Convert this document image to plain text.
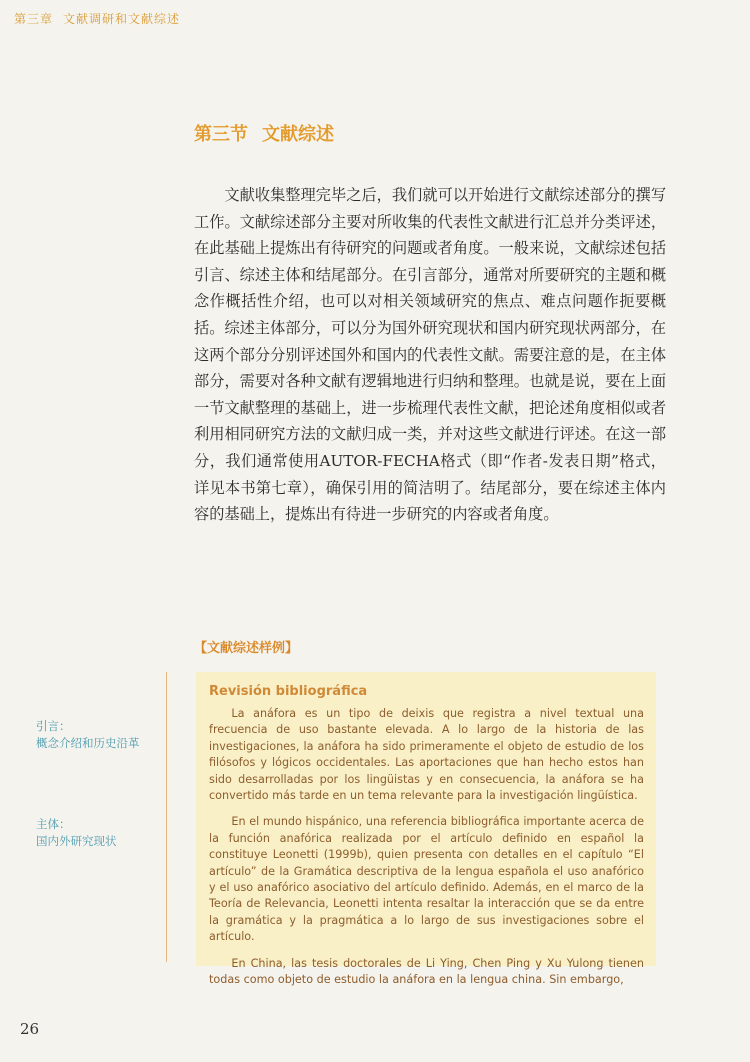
第三章 文献调研和文献综述
第三节 文献综述

文献收集整理完毕之后，我们就可以开始进行文献综述部分的撰写工作。文献综述部分主要对所收集的代表性文献进行汇总并分类评述，在此基础上提炼出有待研究的问题或者角度。一般来说，文献综述包括引言、综述主体和结尾部分。在引言部分，通常对所要研究的主题和概念作概括性介绍，也可以对相关领域研究的焦点、难点问题作扼要概括。综述主体部分，可以分为国外研究现状和国内研究现状两部分，在这两个部分分别评述国外和国内的代表性文献。需要注意的是，在主体部分，需要对各种文献有逻辑地进行归纳和整理。也就是说，要在上面一节文献整理的基础上，进一步梳理代表性文献，把论述角度相似或者利用相同研究方法的文献归成一类，并对这些文献进行评述。在这一部分，我们通常使用AUTOR-FECHA格式（即“作者-发表日期”格式，详见本书第七章），确保引用的简洁明了。结尾部分，要在综述主体内容的基础上，提炼出有待进一步研究的内容或者角度。

【文献综述样例】
引言：
概念介绍和历史沿革
主体：
国内外研究现状
Revisión bibliográfica

La anáfora es un tipo de deixis que registra a nivel textual una frecuencia de uso bastante elevada. A lo largo de la historia de las investigaciones, la anáfora ha sido primeramente el objeto de estudio de los filósofos y lógicos occidentales. Las aportaciones que han hecho estos han sido desarrolladas por los lingüistas y en consecuencia, la anáfora se ha convertido más tarde en un tema relevante para la investigación lingüística.

En el mundo hispánico, una referencia bibliográfica importante acerca de la función anafórica realizada por el artículo definido en español la constituye Leonetti (1999b), quien presenta con detalles en el capítulo “El artículo” de la Gramática descriptiva de la lengua española el uso anafórico y el uso anafórico asociativo del artículo definido. Además, en el marco de la Teoría de Relevancia, Leonetti intenta resaltar la interacción que se da entre la gramática y la pragmática a lo largo de sus investigaciones sobre el artículo.

En China, las tesis doctorales de Li Ying, Chen Ping y Xu Yulong tienen todas como objeto de estudio la anáfora en la lengua china. Sin embargo,

26
